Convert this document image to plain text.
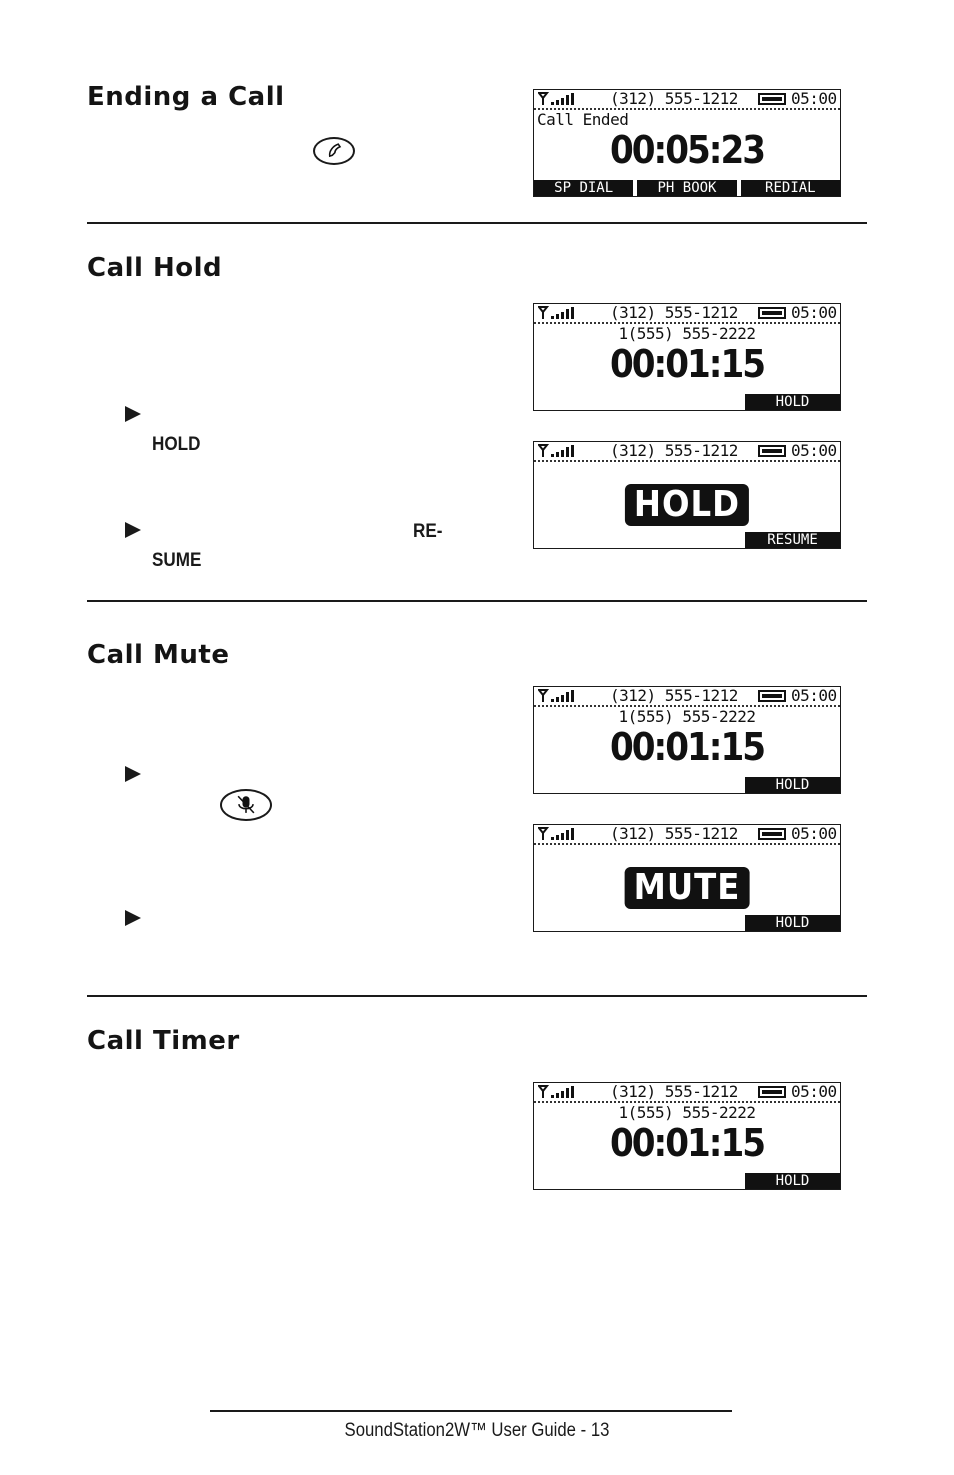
Ending a Call	(312) 555-1212	05:00
Call Ended
00:05:23
SP DIAL	PH BOOK	REDIAL
Call Hold
HOLD
RE-
SUME
(312) 555-1212	05:00
1(555) 555-2222
00:01:15
HOLD
(312) 555-1212	05:00
HOLD
RESUME
Call Mute
(312) 555-1212	05:00
1(555) 555-2222
00:01:15
HOLD
(312) 555-1212	05:00
MUTE
HOLD
Call Timer
(312) 555-1212	05:00
1(555) 555-2222
00:01:15
HOLD
SoundStation2W™ User Guide - 13
